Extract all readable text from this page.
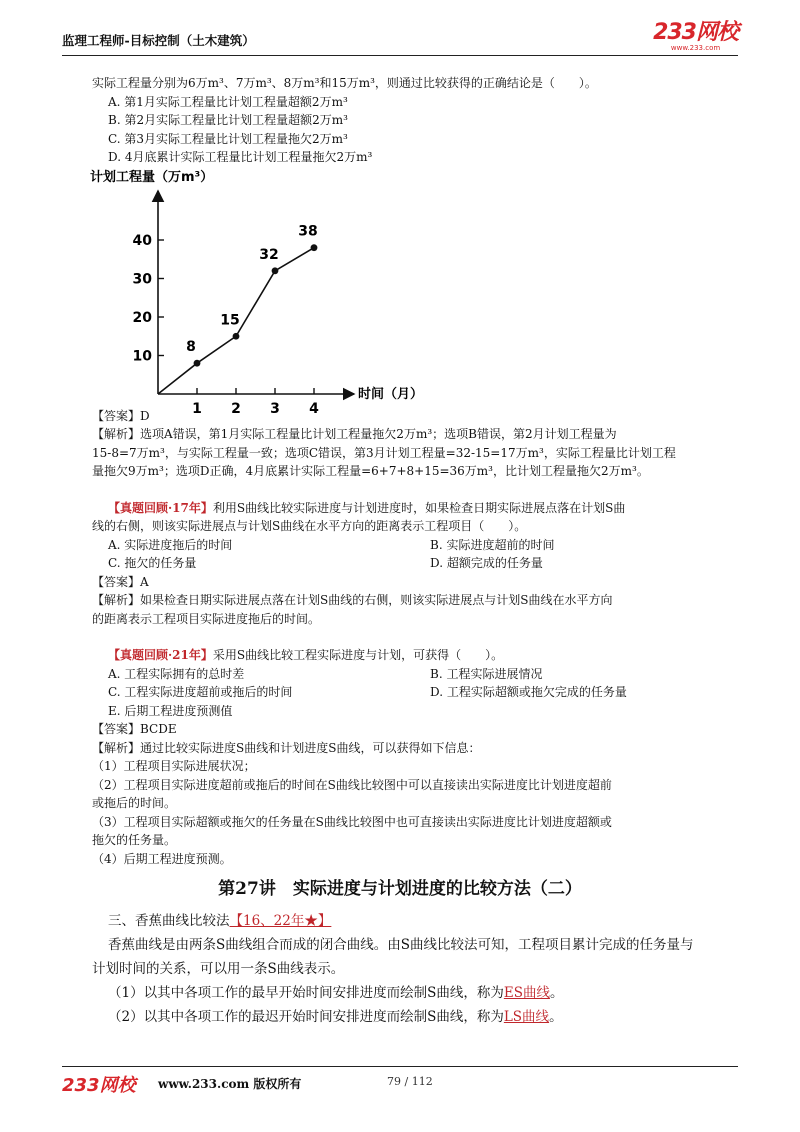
监理工程师-目标控制（土木建筑）	233网校
www.233.com
实际工程量分别为6万m³、7万m³、8万m³和15万m³，则通过比较获得的正确结论是（　　）。
A. 第1月实际工程量比计划工程量超额2万m³
B. 第2月实际工程量比计划工程量超额2万m³
C. 第3月实际工程量比计划工程量拖欠2万m³
D. 4月底累计实际工程量比计划工程量拖欠2万m³
计划工程量（万m³）
时间（月）
10
20
30
40
1 2 3 4
8
15
32
38
【答案】D
【解析】选项A错误，第1月实际工程量比计划工程量拖欠2万m³；选项B错误，第2月计划工程量为
15-8=7万m³，与实际工程量一致；选项C错误，第3月计划工程量=32-15=17万m³，实际工程量比计划工程
量拖欠9万m³；选项D正确，4月底累计实际工程量=6+7+8+15=36万m³，比计划工程量拖欠2万m³。
【真题回顾·17年】利用S曲线比较实际进度与计划进度时，如果检查日期实际进展点落在计划S曲
线的右侧，则该实际进展点与计划S曲线在水平方向的距离表示工程项目（　　）。
A. 实际进度拖后的时间	B. 实际进度超前的时间
C. 拖欠的任务量	D. 超额完成的任务量
【答案】A
【解析】如果检查日期实际进展点落在计划S曲线的右侧，则该实际进展点与计划S曲线在水平方向
的距离表示工程项目实际进度拖后的时间。
【真题回顾·21年】采用S曲线比较工程实际进度与计划，可获得（　　）。
A. 工程实际拥有的总时差	B. 工程实际进展情况
C. 工程实际进度超前或拖后的时间	D. 工程实际超额或拖欠完成的任务量
E. 后期工程进度预测值
【答案】BCDE
【解析】通过比较实际进度S曲线和计划进度S曲线，可以获得如下信息：
（1）工程项目实际进展状况；
（2）工程项目实际进度超前或拖后的时间在S曲线比较图中可以直接读出实际进度比计划进度超前
或拖后的时间。
（3）工程项目实际超额或拖欠的任务量在S曲线比较图中也可直接读出实际进度比计划进度超额或
拖欠的任务量。
（4）后期工程进度预测。
第27讲　实际进度与计划进度的比较方法（二）
三、香蕉曲线比较法【16、22年★】
香蕉曲线是由两条S曲线组合而成的闭合曲线。由S曲线比较法可知，工程项目累计完成的任务量与
计划时间的关系，可以用一条S曲线表示。
（1）以其中各项工作的最早开始时间安排进度而绘制S曲线，称为ES曲线。
（2）以其中各项工作的最迟开始时间安排进度而绘制S曲线，称为LS曲线。
233网校 www.233.com 版权所有	79 / 112
